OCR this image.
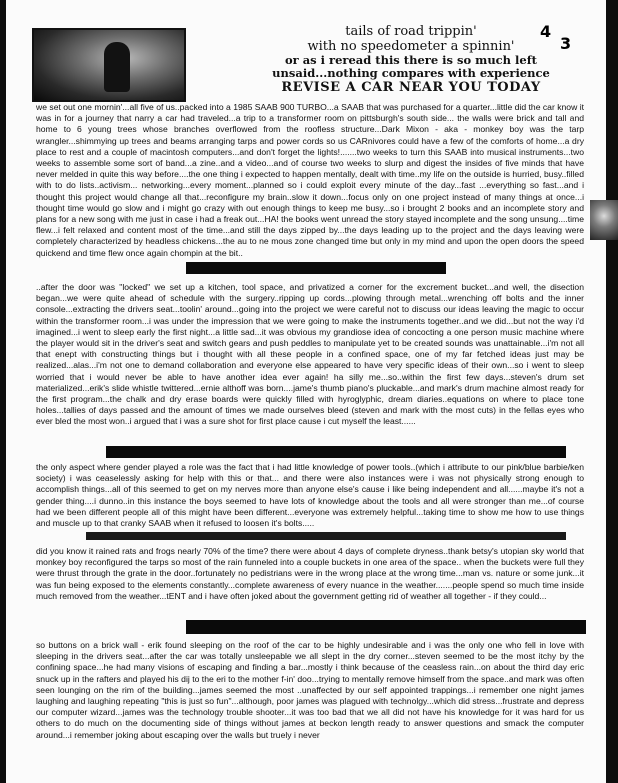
tails of road trippin'
with no speedometer a spinnin'
or as i reread this there is so much left
unsaid...nothing compares with experience
REVISE A CAR NEAR YOU TODAY
4
3
we set out one mornin'...all five of us..packed into a 1985 SAAB 900 TURBO...a SAAB that was purchased for a quarter...little did the car know it was in for a journey that narry a car had traveled...a trip to a transformer room on pittsburgh's south side... the walls were brick and tall and home to 6 young trees whose branches overflowed from the roofless structure...Dark Mixon - aka - monkey boy was the tarp wrangler...shimmying up trees and beams arranging tarps and power cords so us CARnivores could have a few of the comforts of home...a dry place to rest and a couple of macintosh computers...and don't forget the lights!.......two weeks to turn this SAAB into musical instruments...two weeks to assemble some sort of band...a zine..and a video...and of course two weeks to slurp and digest the insides of five minds that have never melded in quite this way before....the one thing i expected to happen mentally, dealt with time..my life on the outside is hurried, busy..filled with to do lists..activism... networking...every moment...planned so i could exploit every minute of the day...fast ...everything so fast...and i thought this project would change all that...reconfigure my brain..slow it down...focus only on one project instead of many things at once...i thought time would go slow and i might go crazy with out enough things to keep me busy...so i brought 2 books and an incomplete story and plans for a new song with me just in case i had a freak out...HA! the books went unread the story stayed incomplete and the song unsung....time flew...i felt relaxed and content most of the time...and still the days zipped by...the days leading up to the project and the days leaving were completely characterized by headless chickens...the au to ne mous zone changed time but only in my mind and upon the open doors the speed quickend and time flew once again chompin at the bit..
..after the door was "locked" we set up a kitchen, tool space, and privatized a corner for the excrement bucket...and well, the disection began...we were quite ahead of schedule with the surgery..ripping up cords...plowing through metal...wrenching off bolts and the inner console...extracting the drivers seat...toolin' around...going into the project we were careful not to discuss our ideas leaving the magic to occur within the transformer room...i was under the impression that we were going to make the instruments together..and we did...but not the way i'd imagined...i went to sleep early the first night...a little sad...it was obvious my grandiose idea of concocting a one person music machine where the player would sit in the driver's seat and switch gears and push peddles to manipulate yet to be created sounds was unattainable...i'm not all that enept with constructing things but i thought with all these people in a confined space, one of my far fetched ideas just may be realized...alas...i'm not one to demand collaboration and everyone else appeared to have very specific ideas of their own...so i went to sleep worried that i would never be able to have another idea ever again! ha silly me...so..within the first few days...steven's drum set materialized...erik's slide whistle twittered...ernie althoff was born....jame's thumb piano's pluckable...and mark's drum machine almost ready for the first program...the chalk and dry erase boards were quickly filled with hyroglyphic, dream diaries..equations on where to place tone holes...tallies of days passed and the amount of times we made ourselves bleed (steven and mark with the most cuts) in the fellas eyes who ever bled the most won..i argued that i was a sure shot for first place cause i cut myself the least......
the only aspect where gender played a role was the fact that i had little knowledge of power tools..(which i attribute to our pink/blue barbie/ken society) i was ceaselessly asking for help with this or that... and there were also instances were i was not physically strong enough to accomplish things...all of this seemed to get on my nerves more than anyone else's cause i like being independent and all......maybe it's not a gender thing....i dunno..in this instance the boys seemed to have lots of knowledge about the tools and all were stronger than me...of course had we been different people all of this might have been different...everyone was extremely helpful...taking time to show me how to use things and muscle up to that cranky SAAB when it refused to loosen it's bolts.....
did you know it rained rats and frogs nearly 70% of the time? there were about 4 days of complete dryness..thank betsy's utopian sky world that monkey boy reconfigured the tarps so most of the rain funneled into a couple buckets in one area of the space.. when the buckets were full they were thrust through the grate in the door..fortunately no pedistrians were in the wrong place at the wrong time...man vs. nature or some junk...it was fun being exposed to the elements constantly...complete awareness of every nuance in the weather.......people spend so much time inside much removed from the weather...tENT and i have often joked about the government getting rid of weather all together - if they could...
so buttons on a brick wall - erik found sleeping on the roof of the car to be highly undesirable and i was the only one who fell in love with sleeping in the drivers seat...after the car was totally unsleepable we all slept in the dry corner...steven seemed to be the most itchy by the confining space...he had many visions of escaping and finding a bar...mostly i think because of the ceasless rain...on about the third day eric snuck up in the rafters and played his dij to the eri to the mother f-in' doo...trying to mentally remove himself from the space..and mark was often seen lounging on the rim of the building...james seemed the most ..unaffected by our self appointed trappings...i remember one night james laughing and laughing repeating "this is just so fun"...although, poor james was plagued with technolgy...which did stress...frustrate and depress our computer wizard...james was the technology trouble shooter...it was too bad that we all did not have his knowledge for it was hard for us others to do much on the documenting side of things without james at beckon length ready to answer questions and smack the computer around...i remember joking about escaping over the walls but truely i never
